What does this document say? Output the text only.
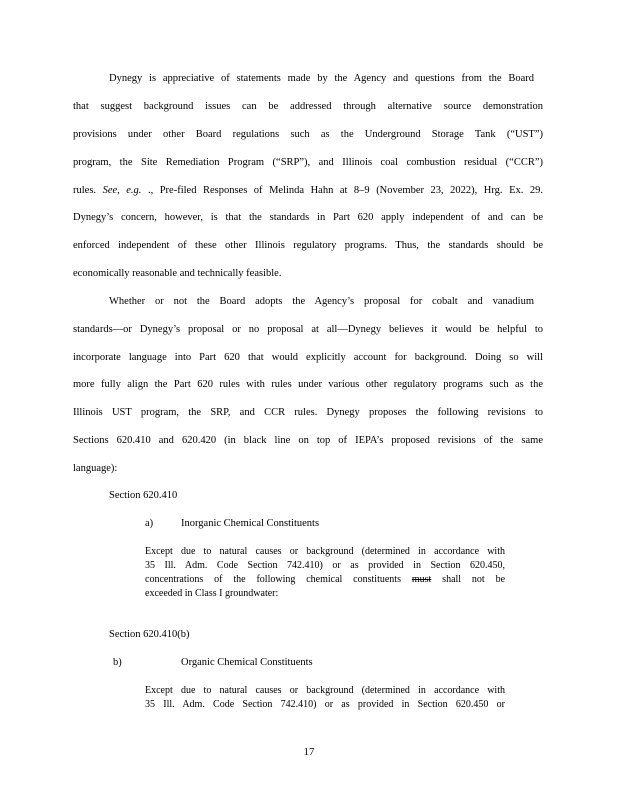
Dynegy is appreciative of statements made by the Agency and questions from the Board
that suggest background issues can be addressed through alternative source demonstration
provisions under other Board regulations such as the Underground Storage Tank (“UST”)
program, the Site Remediation Program (“SRP”), and Illinois coal combustion residual (“CCR”)
rules. See, e.g. ., Pre-filed Responses of Melinda Hahn at 8–9 (November 23, 2022), Hrg. Ex. 29.
Dynegy’s concern, however, is that the standards in Part 620 apply independent of and can be
enforced independent of these other Illinois regulatory programs. Thus, the standards should be
economically reasonable and technically feasible.
Whether or not the Board adopts the Agency’s proposal for cobalt and vanadium
standards—or Dynegy’s proposal or no proposal at all—Dynegy believes it would be helpful to
incorporate language into Part 620 that would explicitly account for background. Doing so will
more fully align the Part 620 rules with rules under various other regulatory programs such as the
Illinois UST program, the SRP, and CCR rules. Dynegy proposes the following revisions to
Sections 620.410 and 620.420 (in black line on top of IEPA’s proposed revisions of the same
language):
Section 620.410
a)	Inorganic Chemical Constituents
Except due to natural causes or background (determined in accordance with
35 Ill. Adm. Code Section 742.410) or as provided in Section 620.450,
concentrations of the following chemical constituents must shall not be
exceeded in Class I groundwater:
Section 620.410(b)
b)	Organic Chemical Constituents
Except due to natural causes or background (determined in accordance with
35 Ill. Adm. Code Section 742.410) or as provided in Section 620.450 or
17
